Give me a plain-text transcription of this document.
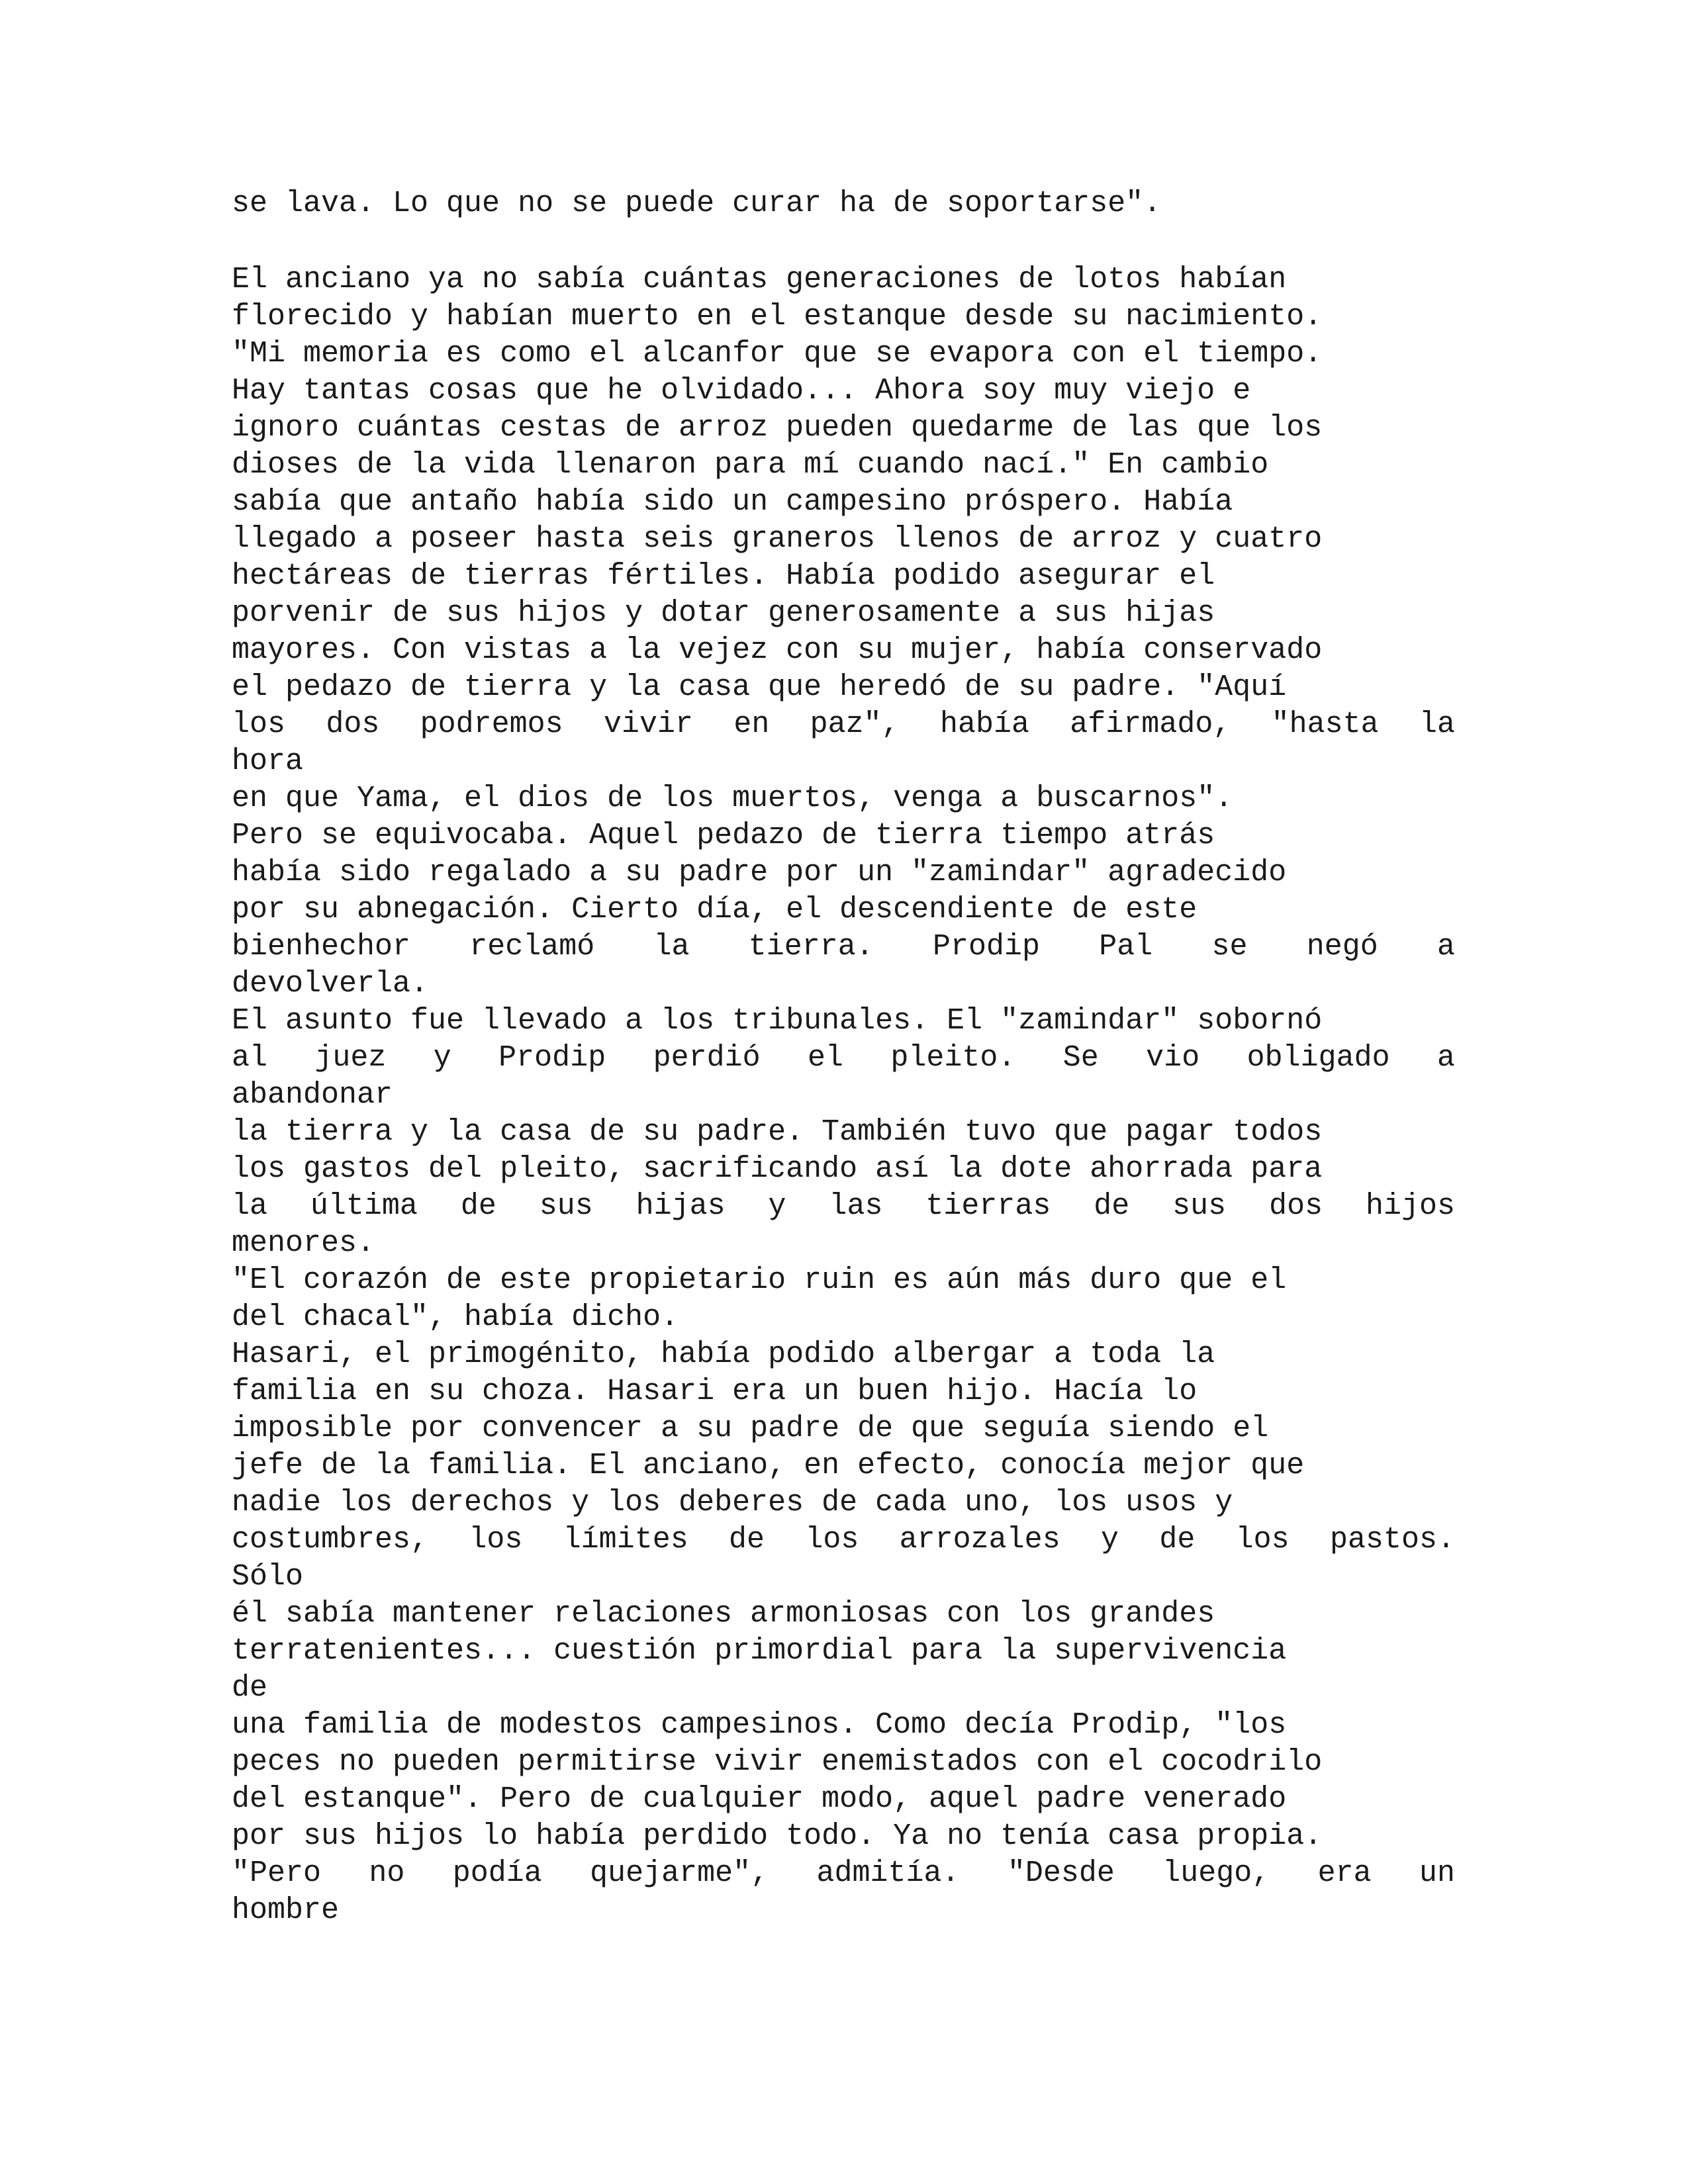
se lava. Lo que no se puede curar ha de soportarse".
El anciano ya no sabía cuántas generaciones de lotos habían
florecido y habían muerto en el estanque desde su nacimiento.
"Mi memoria es como el alcanfor que se evapora con el tiempo.
Hay tantas cosas que he olvidado... Ahora soy muy viejo e
ignoro cuántas cestas de arroz pueden quedarme de las que los
dioses de la vida llenaron para mí cuando nací." En cambio
sabía que antaño había sido un campesino próspero. Había
llegado a poseer hasta seis graneros llenos de arroz y cuatro
hectáreas de tierras fértiles. Había podido asegurar el
porvenir de sus hijos y dotar generosamente a sus hijas
mayores. Con vistas a la vejez con su mujer, había conservado
el pedazo de tierra y la casa que heredó de su padre. "Aquí
los dos podremos vivir en paz", había afirmado, "hasta la
hora
en que Yama, el dios de los muertos, venga a buscarnos".
Pero se equivocaba. Aquel pedazo de tierra tiempo atrás
había sido regalado a su padre por un "zamindar" agradecido
por su abnegación. Cierto día, el descendiente de este
bienhechor reclamó la tierra. Prodip Pal se negó a
devolverla.
El asunto fue llevado a los tribunales. El "zamindar" sobornó
al juez y Prodip perdió el pleito. Se vio obligado a
abandonar
la tierra y la casa de su padre. También tuvo que pagar todos
los gastos del pleito, sacrificando así la dote ahorrada para
la última de sus hijas y las tierras de sus dos hijos
menores.
"El corazón de este propietario ruin es aún más duro que el
del chacal", había dicho.
Hasari, el primogénito, había podido albergar a toda la
familia en su choza. Hasari era un buen hijo. Hacía lo
imposible por convencer a su padre de que seguía siendo el
jefe de la familia. El anciano, en efecto, conocía mejor que
nadie los derechos y los deberes de cada uno, los usos y
costumbres, los límites de los arrozales y de los pastos.
Sólo
él sabía mantener relaciones armoniosas con los grandes
terratenientes... cuestión primordial para la supervivencia
de
una familia de modestos campesinos. Como decía Prodip, "los
peces no pueden permitirse vivir enemistados con el cocodrilo
del estanque". Pero de cualquier modo, aquel padre venerado
por sus hijos lo había perdido todo. Ya no tenía casa propia.
"Pero no podía quejarme", admitía. "Desde luego, era un
hombre
